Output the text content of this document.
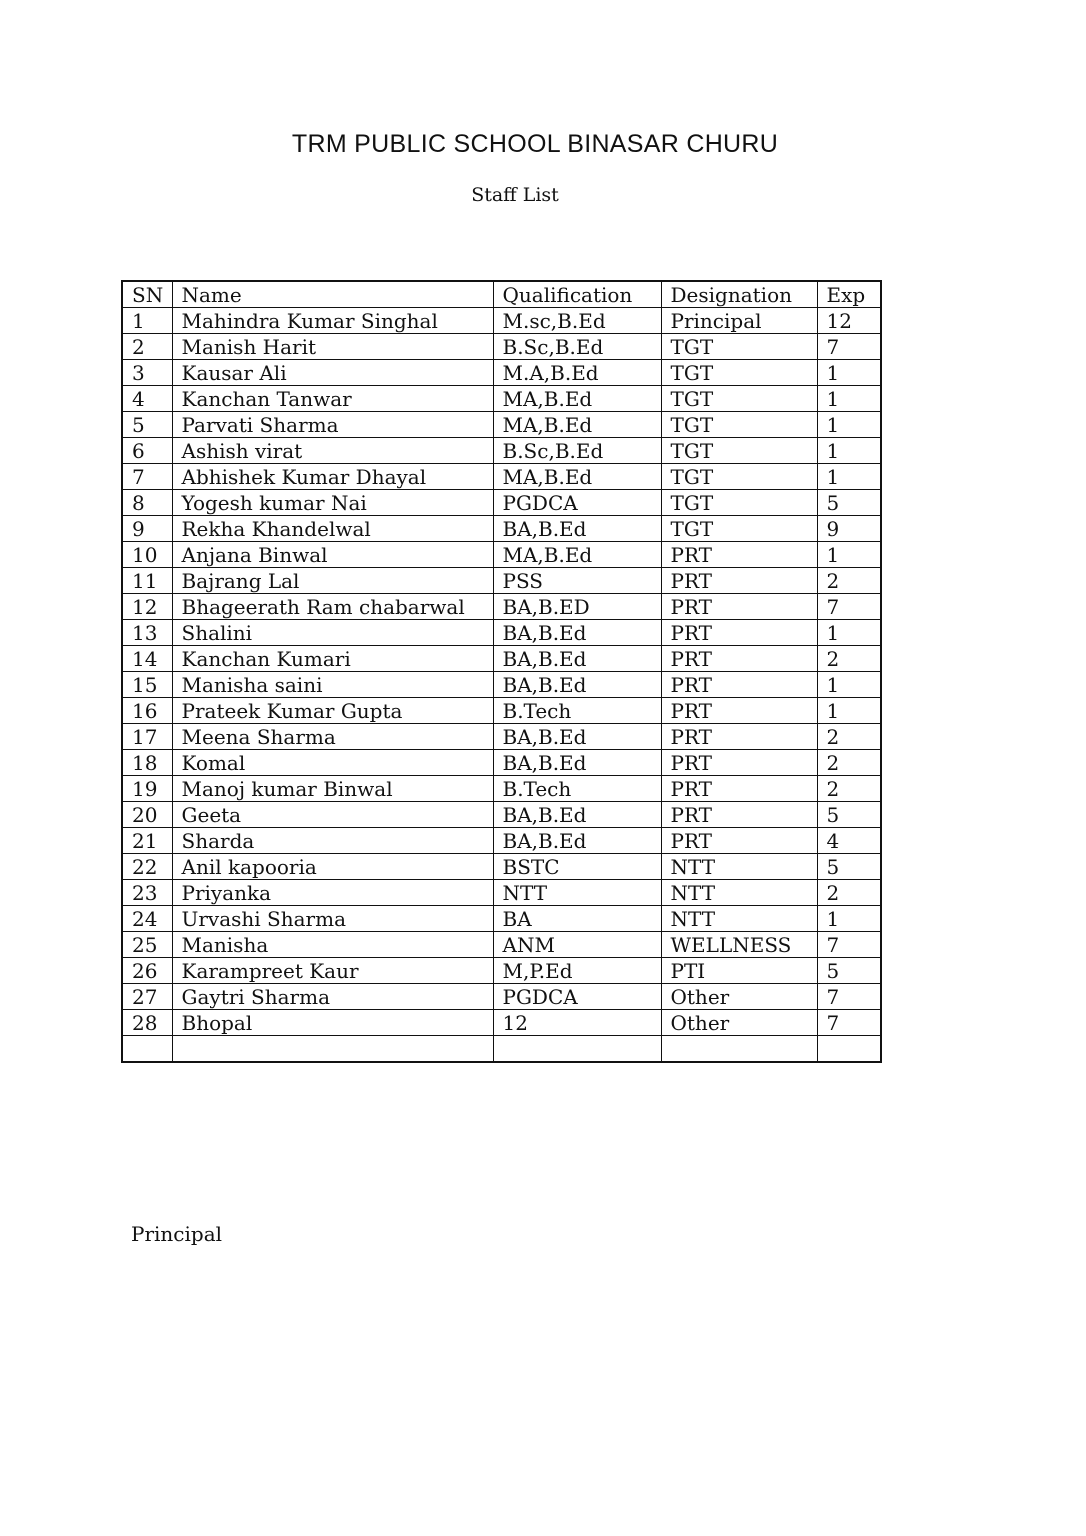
TRM PUBLIC SCHOOL BINASAR CHURU
Staff List
SN	Name	Qualification	Designation	Exp
1	Mahindra Kumar Singhal	M.sc,B.Ed	Principal	12
2	Manish Harit	B.Sc,B.Ed	TGT	7
3	Kausar Ali	M.A,B.Ed	TGT	1
4	Kanchan Tanwar	MA,B.Ed	TGT	1
5	Parvati Sharma	MA,B.Ed	TGT	1
6	Ashish virat	B.Sc,B.Ed	TGT	1
7	Abhishek Kumar Dhayal	MA,B.Ed	TGT	1
8	Yogesh kumar Nai	PGDCA	TGT	5
9	Rekha Khandelwal	BA,B.Ed	TGT	9
10	Anjana Binwal	MA,B.Ed	PRT	1
11	Bajrang Lal	PSS	PRT	2
12	Bhageerath Ram chabarwal	BA,B.ED	PRT	7
13	Shalini	BA,B.Ed	PRT	1
14	Kanchan Kumari	BA,B.Ed	PRT	2
15	Manisha saini	BA,B.Ed	PRT	1
16	Prateek Kumar Gupta	B.Tech	PRT	1
17	Meena Sharma	BA,B.Ed	PRT	2
18	Komal	BA,B.Ed	PRT	2
19	Manoj kumar Binwal	B.Tech	PRT	2
20	Geeta	BA,B.Ed	PRT	5
21	Sharda	BA,B.Ed	PRT	4
22	Anil kapooria	BSTC	NTT	5
23	Priyanka	NTT	NTT	2
24	Urvashi Sharma	BA	NTT	1
25	Manisha	ANM	WELLNESS	7
26	Karampreet Kaur	M,P.Ed	PTI	5
27	Gaytri Sharma	PGDCA	Other	7
28	Bhopal	12	Other	7

Principal
